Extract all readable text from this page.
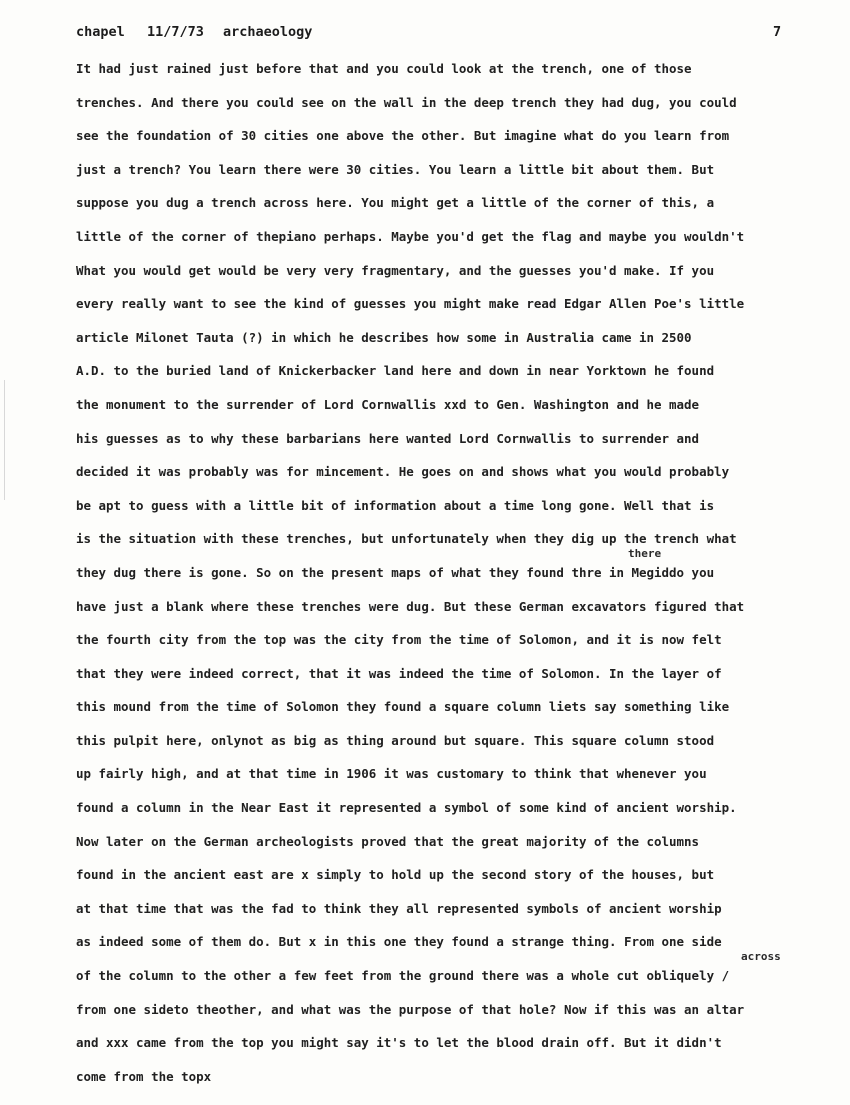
chapel 11/7/73 archaeology	7
It had just rained just before that and you could look at the trench, one of those
trenches. And there you could see on the wall in the deep trench they had dug, you could
see the foundation of 30 cities one above the other. But imagine what do you learn from
just a trench? You learn there were 30 cities. You learn a little bit about them. But
suppose you dug a trench across here. You might get a little of the corner of this, a
little of the corner of thepiano perhaps. Maybe you'd get the flag and maybe you wouldn't
What you would get would be very very fragmentary, and the guesses you'd make. If you
every really want to see the kind of guesses you might make read Edgar Allen Poe's little
article Milonet Tauta (?) in which he describes how some in Australia came in 2500
A.D. to the buried land of Knickerbacker land here and down in near Yorktown he found
the monument to the surrender of Lord Cornwallis xxd to Gen. Washington and he made
his guesses as to why these barbarians here wanted Lord Cornwallis to surrender and
decided it was probably was for mincement. He goes on and shows what you would probably
be apt to guess with a little bit of information about a time long gone. Well that is
is the situation with these trenches, but unfortunately when they dig up the trench what
there
they dug there is gone. So on the present maps of what they found thre in Megiddo you
have just a blank where these trenches were dug. But these German excavators figured that
the fourth city from the top was the city from the time of Solomon, and it is now felt
that they were indeed correct, that it was indeed the time of Solomon. In the layer of
this mound from the time of Solomon they found a square column liets say something like
this pulpit here, onlynot as big as thing around but square. This square column stood
up fairly high, and at that time in 1906 it was customary to think that whenever you
found a column in the Near East it represented a symbol of some kind of ancient worship.
Now later on the German archeologists proved that the great majority of the columns
found in the ancient east are x simply to hold up the second story of the houses, but
at that time that was the fad to think they all represented symbols of ancient worship
as indeed some of them do. But x in this one they found a strange thing. From one side
across
of the column to the other a few feet from the ground there was a whole cut obliquely /
from one sideto theother, and what was the purpose of that hole? Now if this was an altar
and xxx came from the top you might say it's to let the blood drain off. But it didn't
come from the topx
